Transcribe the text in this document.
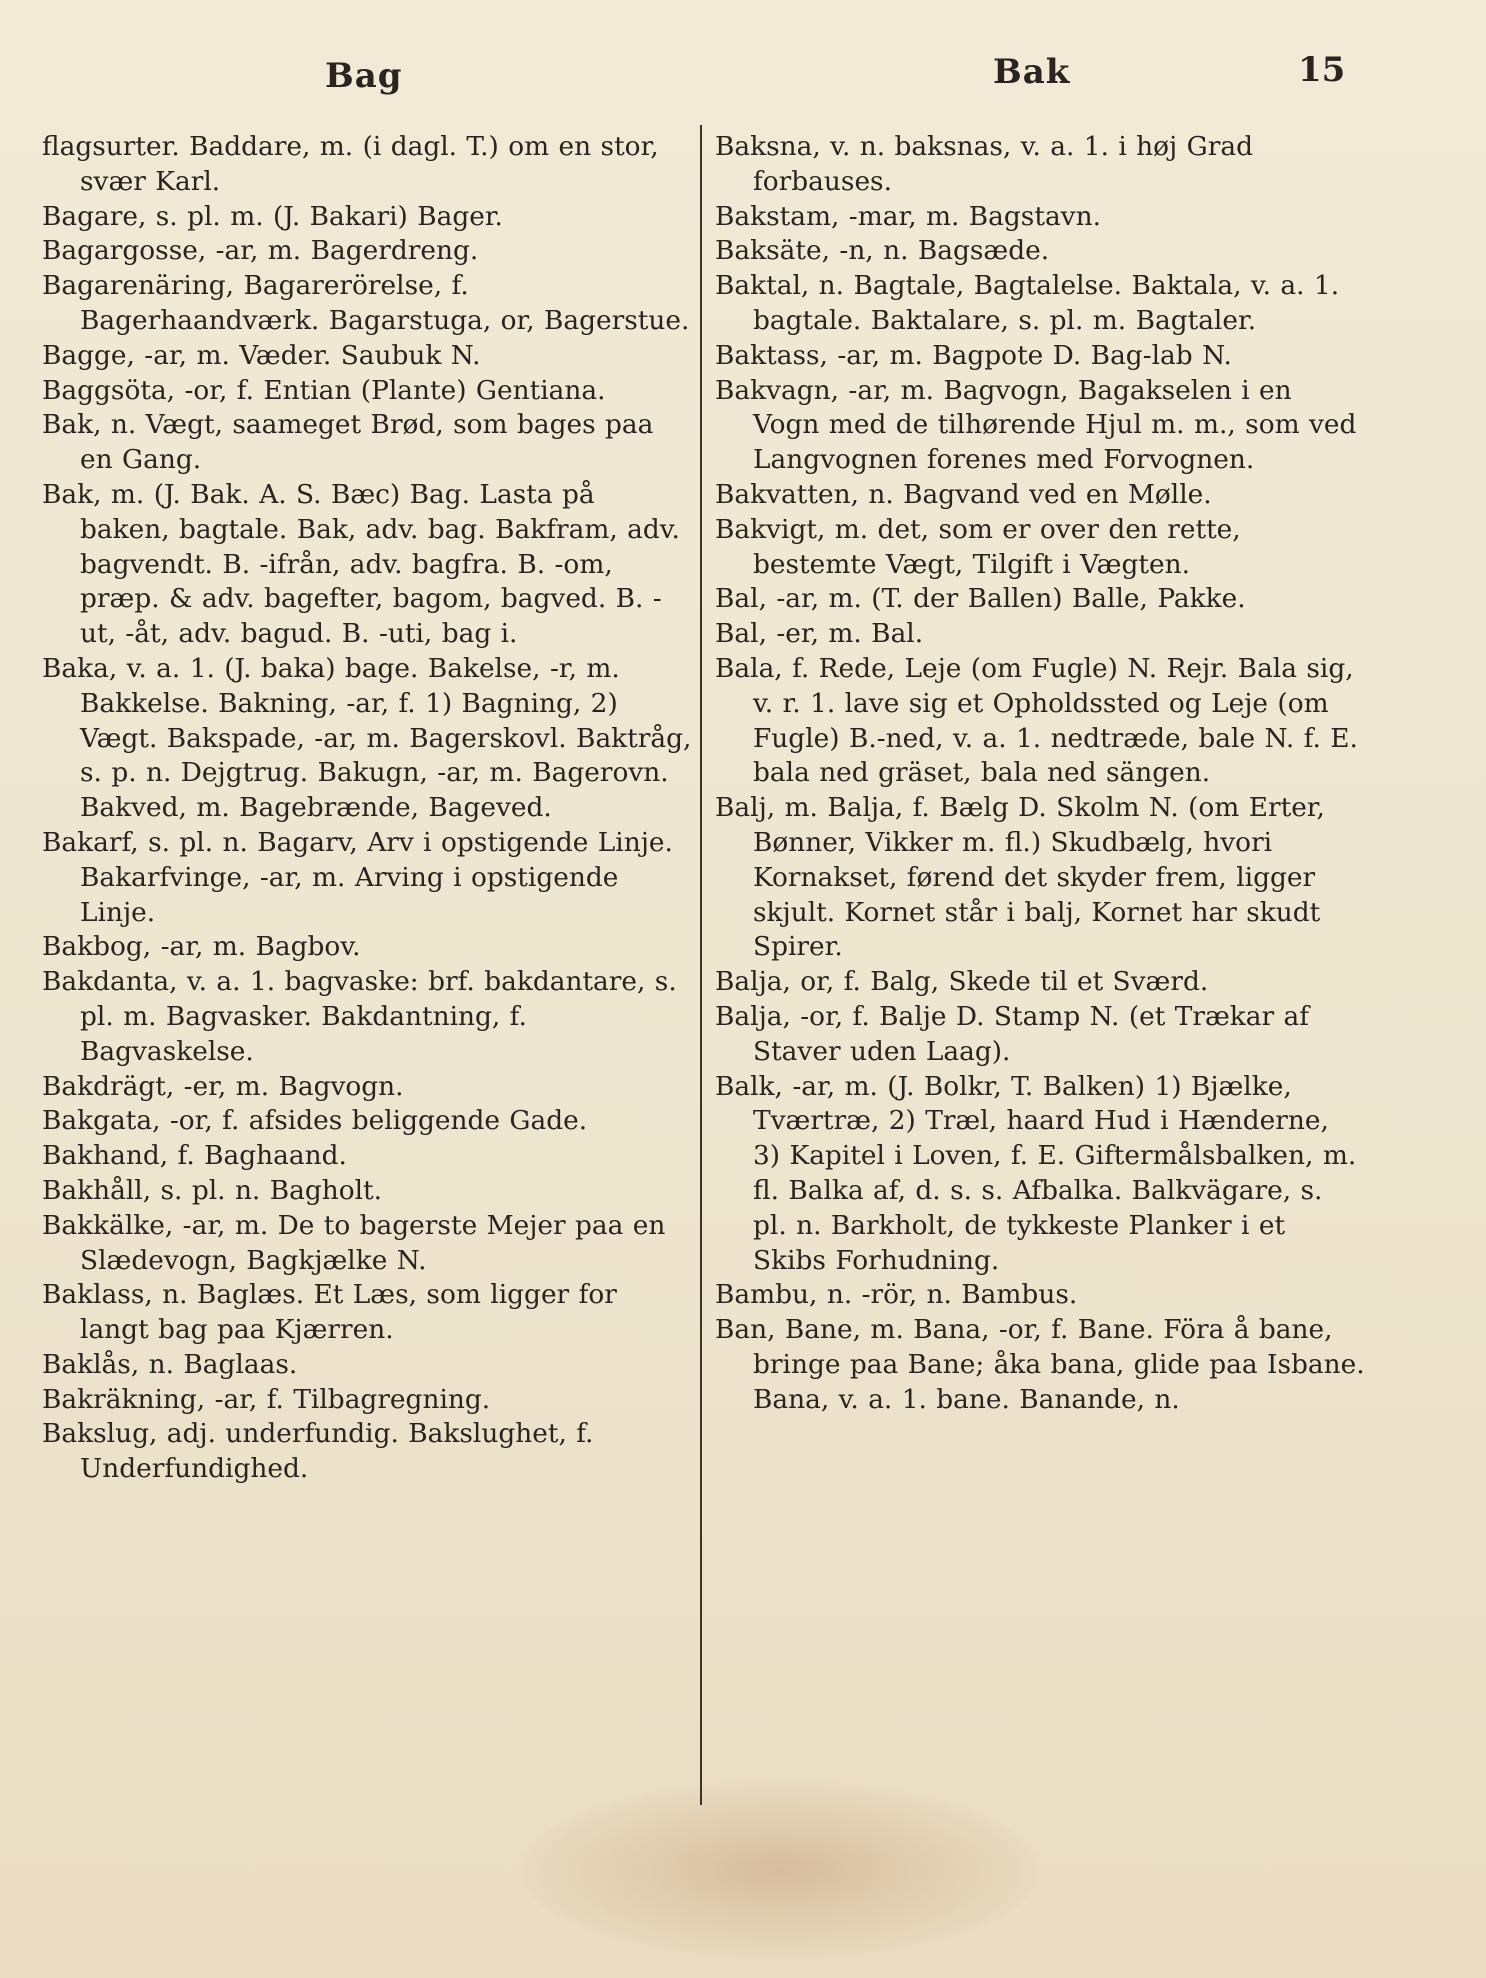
Bag	Bak	15

flagsurter. Baddare, m. (i dagl. T.) om en stor, svær Karl.

Bagare, s. pl. m. (J. Bakari) Bager.

Bagargosse, -ar, m. Bagerdreng.

Bagarenäring, Bagarerörelse, f. Bagerhaandværk. Bagarstuga, or, Bagerstue.

Bagge, -ar, m. Væder. Saubuk N.

Baggsöta, -or, f. Entian (Plante) Gentiana.

Bak, n. Vægt, saameget Brød, som bages paa en Gang.

Bak, m. (J. Bak. A. S. Bæc) Bag. Lasta på baken, bagtale. Bak, adv. bag. Bakfram, adv. bagvendt. B. -ifrån, adv. bagfra. B. -om, præp. & adv. bagefter, bagom, bagved. B. -ut, -åt, adv. bagud. B. -uti, bag i.

Baka, v. a. 1. (J. baka) bage. Bakelse, -r, m. Bakkelse. Bakning, -ar, f. 1) Bagning, 2) Vægt. Bakspade, -ar, m. Bagerskovl. Baktråg, s. p. n. Dejgtrug. Bakugn, -ar, m. Bagerovn. Bakved, m. Bagebrændе, Bageved.

Bakarf, s. pl. n. Bagarv, Arv i opstigende Linje. Bakarfvinge, -ar, m. Arving i opstigende Linje.

Bakbog, -ar, m. Bagbov.

Bakdanta, v. a. 1. bagvaske: brf. bakdantare, s. pl. m. Bagvasker. Bakdantning, f. Bagvaskelse.

Bakdrägt, -er, m. Bagvogn.

Bakgata, -or, f. afsides beliggende Gade.

Bakhand, f. Baghaand.

Bakhåll, s. pl. n. Bagholt.

Bakkälke, -ar, m. De to bagerste Mejer paa en Slædevogn, Bagkjælke N.

Baklass, n. Baglæs. Et Læs, som ligger for langt bag paa Kjærren.

Baklås, n. Baglaas.

Bakräkning, -ar, f. Tilbagregning.

Bakslug, adj. underfundig. Bakslughet, f. Underfundighed.

Baksna, v. n. baksnas, v. a. 1. i høj Grad forbauses.

Bakstam, -mar, m. Bagstavn.

Baksäte, -n, n. Bagsæde.

Baktal, n. Bagtale, Bagtalelse. Baktala, v. a. 1. bagtale. Baktalare, s. pl. m. Bagtaler.

Baktass, -ar, m. Bagpote D. Bag-lab N.

Bakvagn, -ar, m. Bagvogn, Bagakselen i en Vogn med de tilhørende Hjul m. m., som ved Langvognen forenes med Forvognen.

Bakvatten, n. Bagvand ved en Mølle.

Bakvigt, m. det, som er over den rette, bestemte Vægt, Tilgift i Vægten.

Bal, -ar, m. (T. der Ballen) Balle, Pakke.

Bal, -er, m. Bal.

Bala, f. Rede, Leje (om Fugle) N. Rejr. Bala sig, v. r. 1. lave sig et Opholdssted og Leje (om Fugle) B.-ned, v. a. 1. nedtræde, bale N. f. E. bala ned gräset, bala ned sängen.

Balj, m. Balja, f. Bælg D. Skolm N. (om Erter, Bønner, Vikker m. fl.) Skudbælg, hvori Kornakset, førend det skyder frem, ligger skjult. Kornet står i balj, Kornet har skudt Spirer.

Balja, or, f. Balg, Skede til et Sværd.

Balja, -or, f. Balje D. Stamp N. (et Trækar af Staver uden Laag).

Balk, -ar, m. (J. Bolkr, T. Balken) 1) Bjælke, Tværtræ, 2) Træl, haard Hud i Hænderne, 3) Kapitel i Loven, f. E. Giftermålsbalken, m. fl. Balka af, d. s. s. Afbalka. Balkvägare, s. pl. n. Barkholt, de tykkeste Planker i et Skibs Forhudning.

Bambu, n. -rör, n. Bambus.

Ban, Bane, m. Bana, -or, f. Bane. Föra å bane, bringe paa Bane; åka bana, glide paa Isbane. Bana, v. a. 1. bane. Banande, n.
